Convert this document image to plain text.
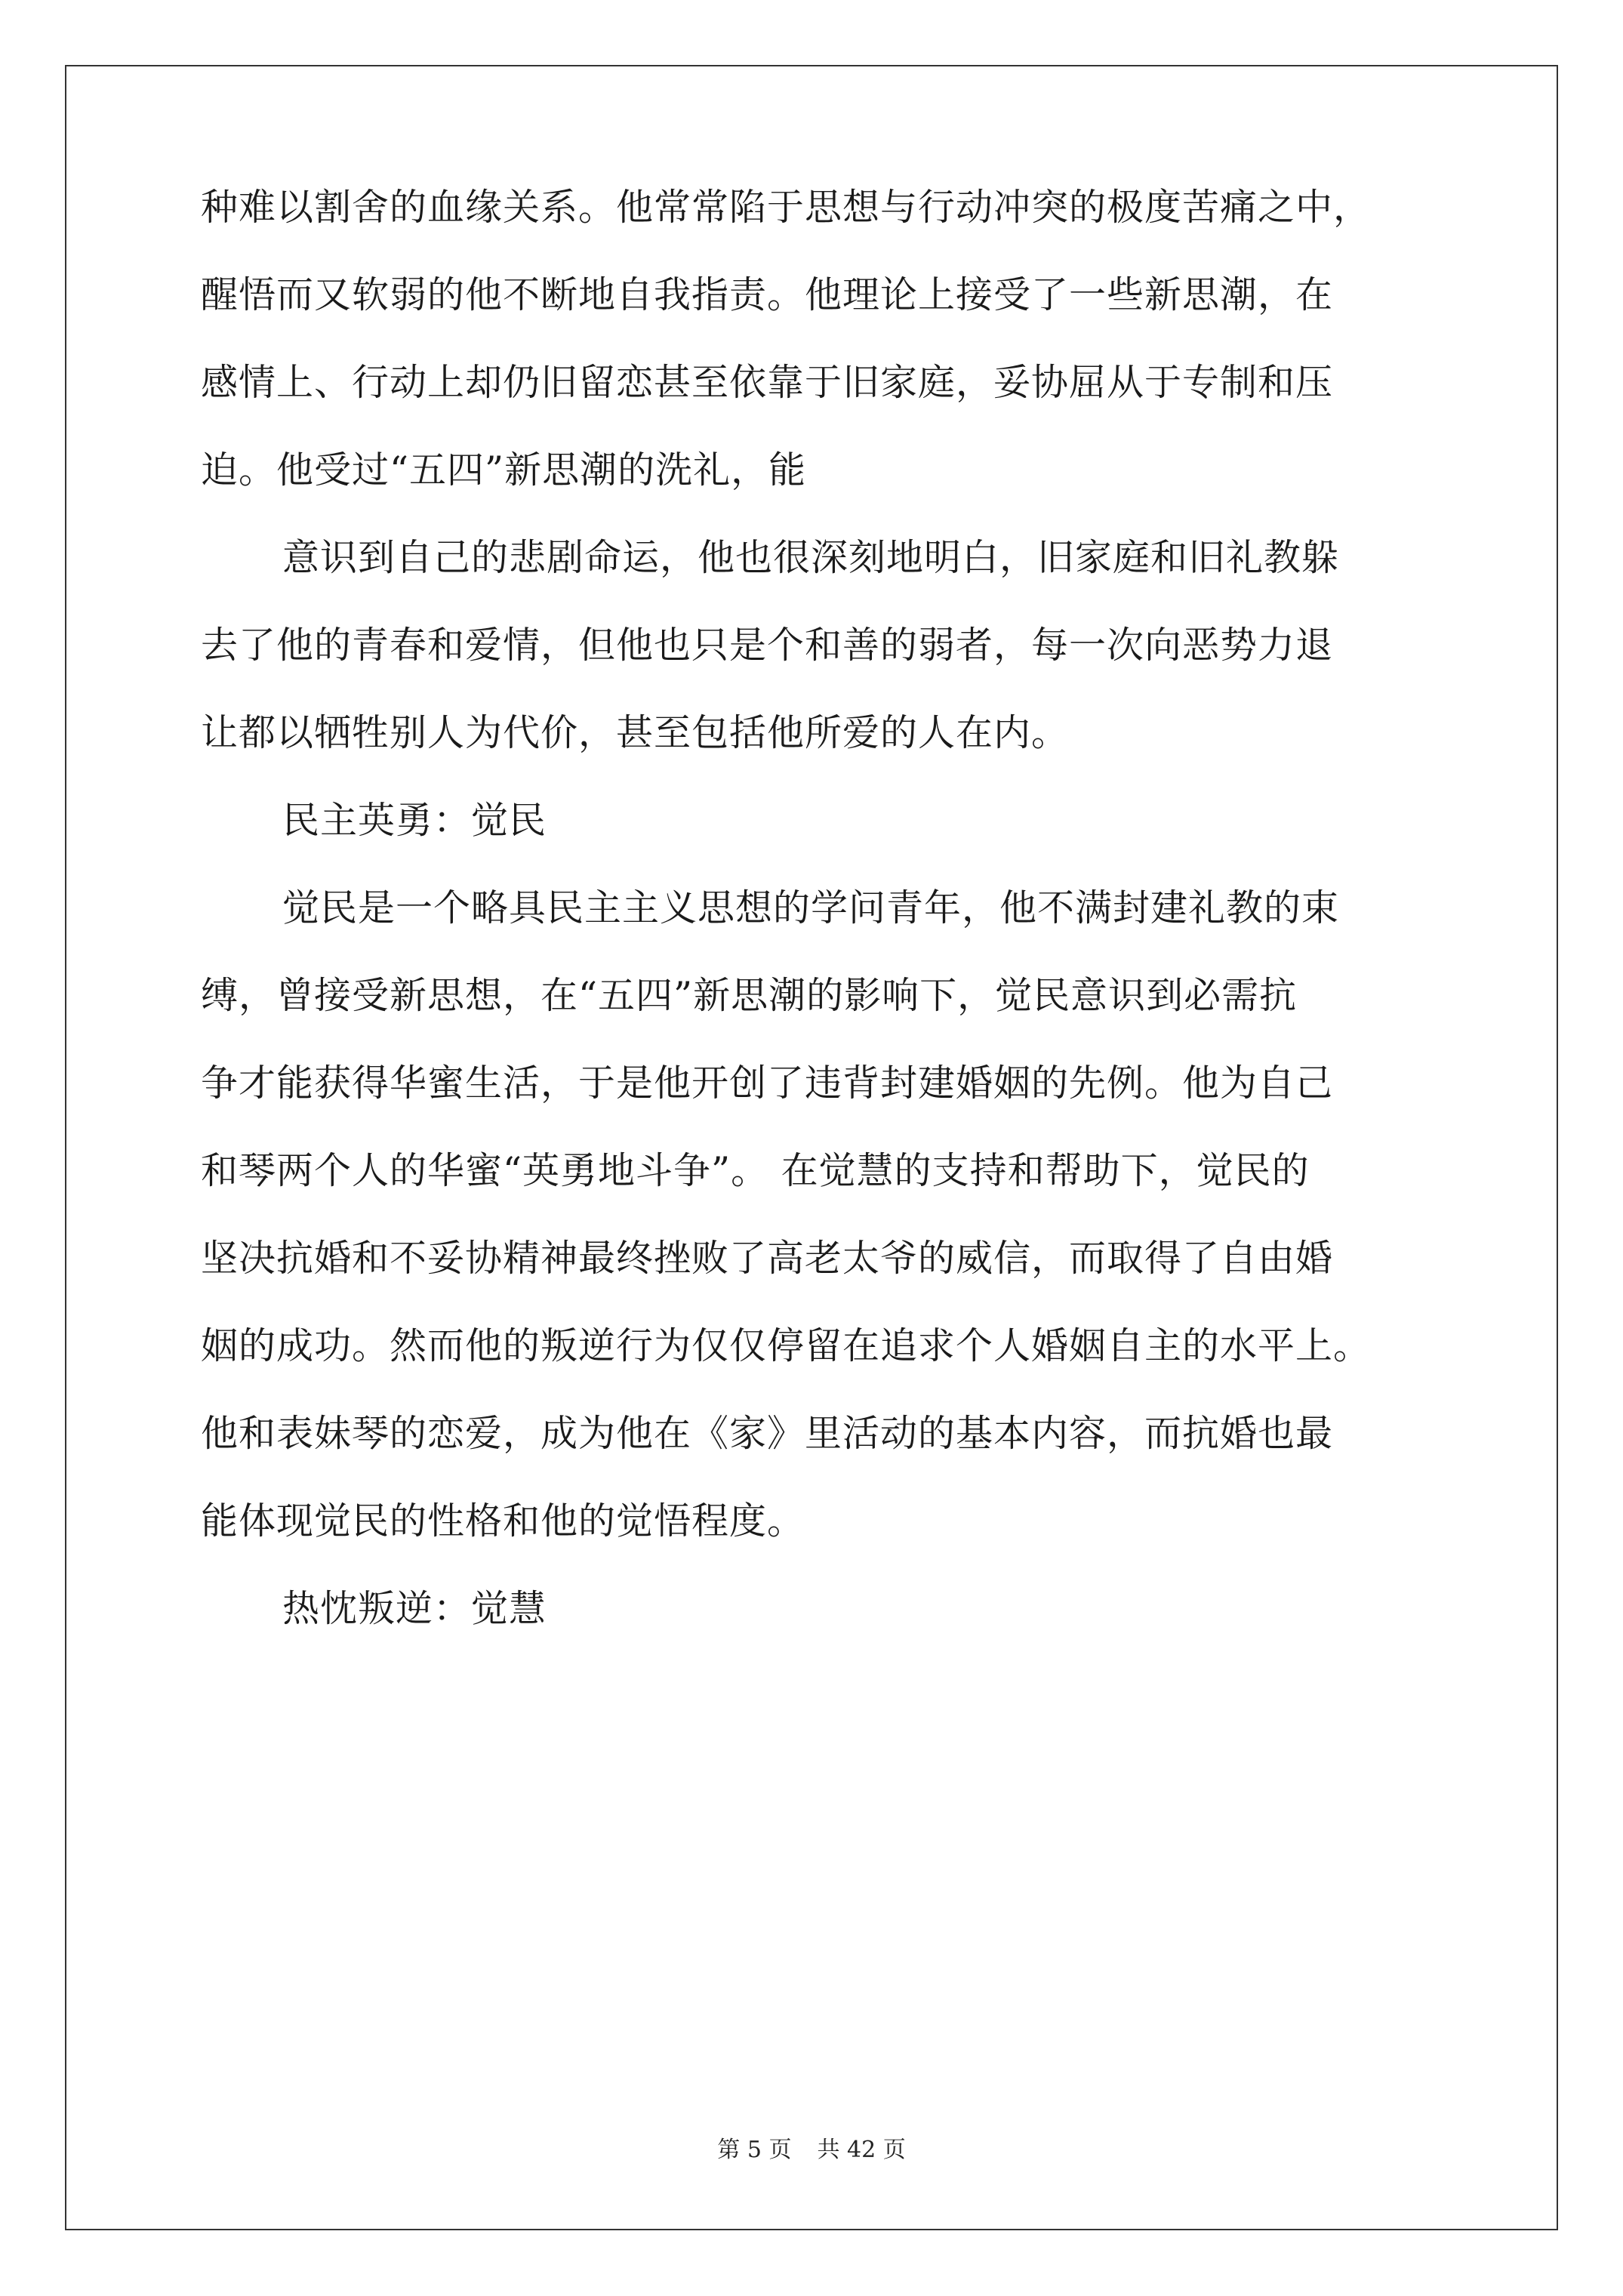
种难以割舍的血缘关系。他常常陷于思想与行动冲突的极度苦痛之中，
醒悟而又软弱的他不断地自我指责。他理论上接受了一些新思潮，在
感情上、行动上却仍旧留恋甚至依靠于旧家庭，妥协屈从于专制和压
迫。他受过“五四”新思潮的洗礼，能
意识到自己的悲剧命运，他也很深刻地明白，旧家庭和旧礼教躲
去了他的青春和爱情，但他也只是个和善的弱者，每一次向恶势力退
让都以牺牲别人为代价，甚至包括他所爱的人在内。
民主英勇：觉民
觉民是一个略具民主主义思想的学问青年，他不满封建礼教的束
缚，曾接受新思想，在“五四”新思潮的影响下，觉民意识到必需抗
争才能获得华蜜生活，于是他开创了违背封建婚姻的先例。他为自己
和琴两个人的华蜜“英勇地斗争”。 在觉慧的支持和帮助下，觉民的
坚决抗婚和不妥协精神最终挫败了高老太爷的威信，而取得了自由婚
姻的成功。然而他的叛逆行为仅仅停留在追求个人婚姻自主的水平上。
他和表妹琴的恋爱，成为他在《家》里活动的基本内容，而抗婚也最
能体现觉民的性格和他的觉悟程度。
热忱叛逆：觉慧
第 5 页 共 42 页
